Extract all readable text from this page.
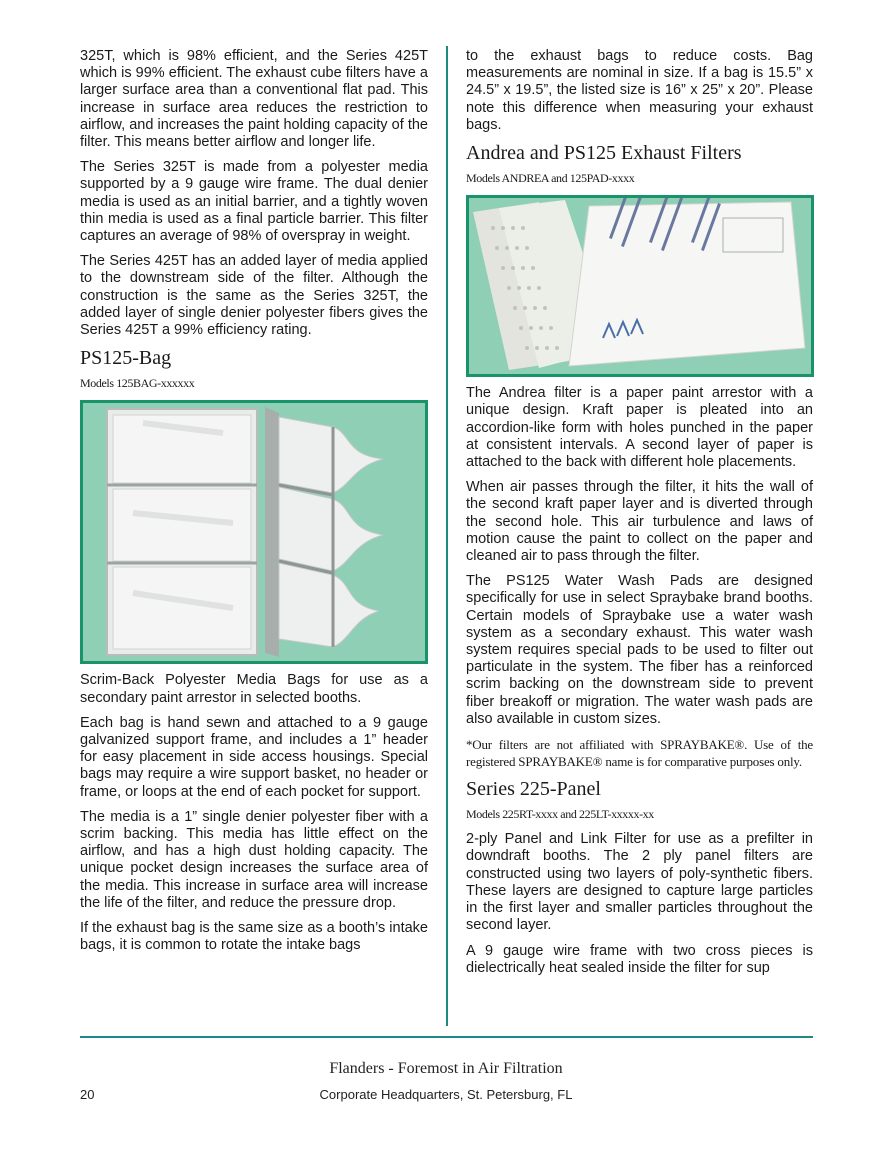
325T, which is 98% efficient, and the Series 425T which is 99% efficient. The exhaust cube filters have a larger surface area than a conventional flat pad. This increase in surface area reduces the restriction to airflow, and increases the paint holding capacity of the filter. This means better airflow and longer life.

The Series 325T is made from a polyester media supported by a 9 gauge wire frame. The dual denier media is used as an initial barrier, and a tightly woven thin media is used as a final particle barrier. This filter captures an average of 98% of overspray in weight.

The Series 425T has an added layer of media applied to the downstream side of the filter. Although the construction is the same as the Series 325T, the added layer of single denier polyester fibers gives the Series 425T a 99% efficiency rating.

PS125-Bag
Models 125BAG-xxxxxx

Scrim-Back Polyester Media Bags for use as a secondary paint arrestor in selected booths.

Each bag is hand sewn and attached to a 9 gauge galvanized support frame, and includes a 1” header for easy placement in side access housings. Special bags may require a wire support basket, no header or frame, or loops at the end of each pocket for support.

The media is a 1” single denier polyester fiber with a scrim backing. This media has little effect on the airflow, and has a high dust holding capacity. The unique pocket design increases the surface area of the media. This increase in surface area will increase the life of the filter, and reduce the pressure drop.

If the exhaust bag is the same size as a booth’s intake bags, it is common to rotate the intake bags

to the exhaust bags to reduce costs. Bag measurements are nominal in size. If a bag is 15.5” x 24.5” x 19.5”, the listed size is 16” x 25” x 20”. Please note this difference when measuring your exhaust bags.

Andrea and PS125 Exhaust Filters
Models ANDREA and 125PAD-xxxx

The Andrea filter is a paper paint arrestor with a unique design. Kraft paper is pleated into an accordion-like form with holes punched in the paper at consistent intervals. A second layer of paper is attached to the back with different hole placements.

When air passes through the filter, it hits the wall of the second kraft paper layer and is diverted through the second hole. This air turbulence and laws of motion cause the paint to collect on the paper and cleaned air to pass through the filter.

The PS125 Water Wash Pads are designed specifically for use in select Spraybake brand booths. Certain models of Spraybake use a water wash system as a secondary exhaust. This water wash system requires special pads to be used to filter out particulate in the system. The fiber has a reinforced scrim backing on the downstream side to prevent fiber breakoff or migration. The water wash pads are also available in custom sizes.

*Our filters are not affiliated with SPRAYBAKE®. Use of the registered SPRAYBAKE® name is for comparative purposes only.

Series 225-Panel
Models 225RT-xxxx and 225LT-xxxxx-xx

2-ply Panel and Link Filter for use as a prefilter in downdraft booths. The 2 ply panel filters are constructed using two layers of poly-synthetic fibers. These layers are designed to capture large particles in the first layer and smaller particles throughout the second layer.

A 9 gauge wire frame with two cross pieces is dielectrically heat sealed inside the filter for sup

Flanders - Foremost in Air Filtration
20	Corporate Headquarters, St. Petersburg, FL
